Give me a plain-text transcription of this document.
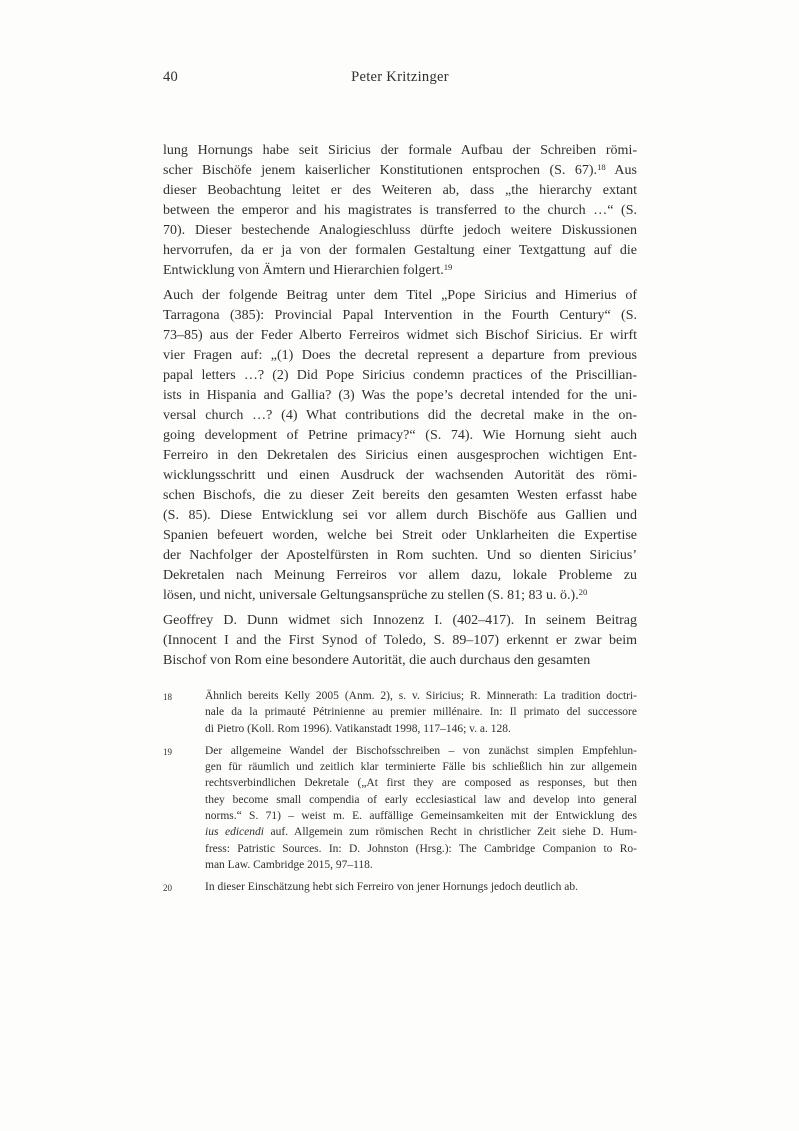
40	Peter Kritzinger
lung Hornungs habe seit Siricius der formale Aufbau der Schreiben römi-
scher Bischöfe jenem kaiserlicher Konstitutionen entsprochen (S. 67).$^{18}$ Aus
dieser Beobachtung leitet er des Weiteren ab, dass „the hierarchy extant
between the emperor and his magistrates is transferred to the church …“ (S.
70). Dieser bestechende Analogieschluss dürfte jedoch weitere Diskussionen
hervorrufen, da er ja von der formalen Gestaltung einer Textgattung auf die
Entwicklung von Ämtern und Hierarchien folgert.$^{19}$
Auch der folgende Beitrag unter dem Titel „Pope Siricius and Himerius of
Tarragona (385): Provincial Papal Intervention in the Fourth Century“ (S.
73–85) aus der Feder Alberto Ferreiros widmet sich Bischof Siricius. Er wirft
vier Fragen auf: „(1) Does the decretal represent a departure from previous
papal letters …? (2) Did Pope Siricius condemn practices of the Priscillian-
ists in Hispania and Gallia? (3) Was the pope’s decretal intended for the uni-
versal church …? (4) What contributions did the decretal make in the on-
going development of Petrine primacy?“ (S. 74). Wie Hornung sieht auch
Ferreiro in den Dekretalen des Siricius einen ausgesprochen wichtigen Ent-
wicklungsschritt und einen Ausdruck der wachsenden Autorität des römi-
schen Bischofs, die zu dieser Zeit bereits den gesamten Westen erfasst habe
(S. 85). Diese Entwicklung sei vor allem durch Bischöfe aus Gallien und
Spanien befeuert worden, welche bei Streit oder Unklarheiten die Expertise
der Nachfolger der Apostelfürsten in Rom suchten. Und so dienten Siricius’
Dekretalen nach Meinung Ferreiros vor allem dazu, lokale Probleme zu
lösen, und nicht, universale Geltungsansprüche zu stellen (S. 81; 83 u. ö.).$^{20}$
Geoffrey D. Dunn widmet sich Innozenz I. (402–417). In seinem Beitrag
(Innocent I and the First Synod of Toledo, S. 89–107) erkennt er zwar beim
Bischof von Rom eine besondere Autorität, die auch durchaus den gesamten
18	Ähnlich bereits Kelly 2005 (Anm. 2), s. v. Siricius; R. Minnerath: La tradition doctri-
nale da la primauté Pétrinienne au premier millénaire. In: Il primato del successore
di Pietro (Koll. Rom 1996). Vatikanstadt 1998, 117–146; v. a. 128.
19	Der allgemeine Wandel der Bischofsschreiben – von zunächst simplen Empfehlun-
gen für räumlich und zeitlich klar terminierte Fälle bis schließlich hin zur allgemein
rechtsverbindlichen Dekretale („At first they are composed as responses, but then
they become small compendia of early ecclesiastical law and develop into general
norms.“ S. 71) – weist m. E. auffällige Gemeinsamkeiten mit der Entwicklung des
ius edicendi auf. Allgemein zum römischen Recht in christlicher Zeit siehe D. Hum-
fress: Patristic Sources. In: D. Johnston (Hrsg.): The Cambridge Companion to Ro-
man Law. Cambridge 2015, 97–118.
20	In dieser Einschätzung hebt sich Ferreiro von jener Hornungs jedoch deutlich ab.
